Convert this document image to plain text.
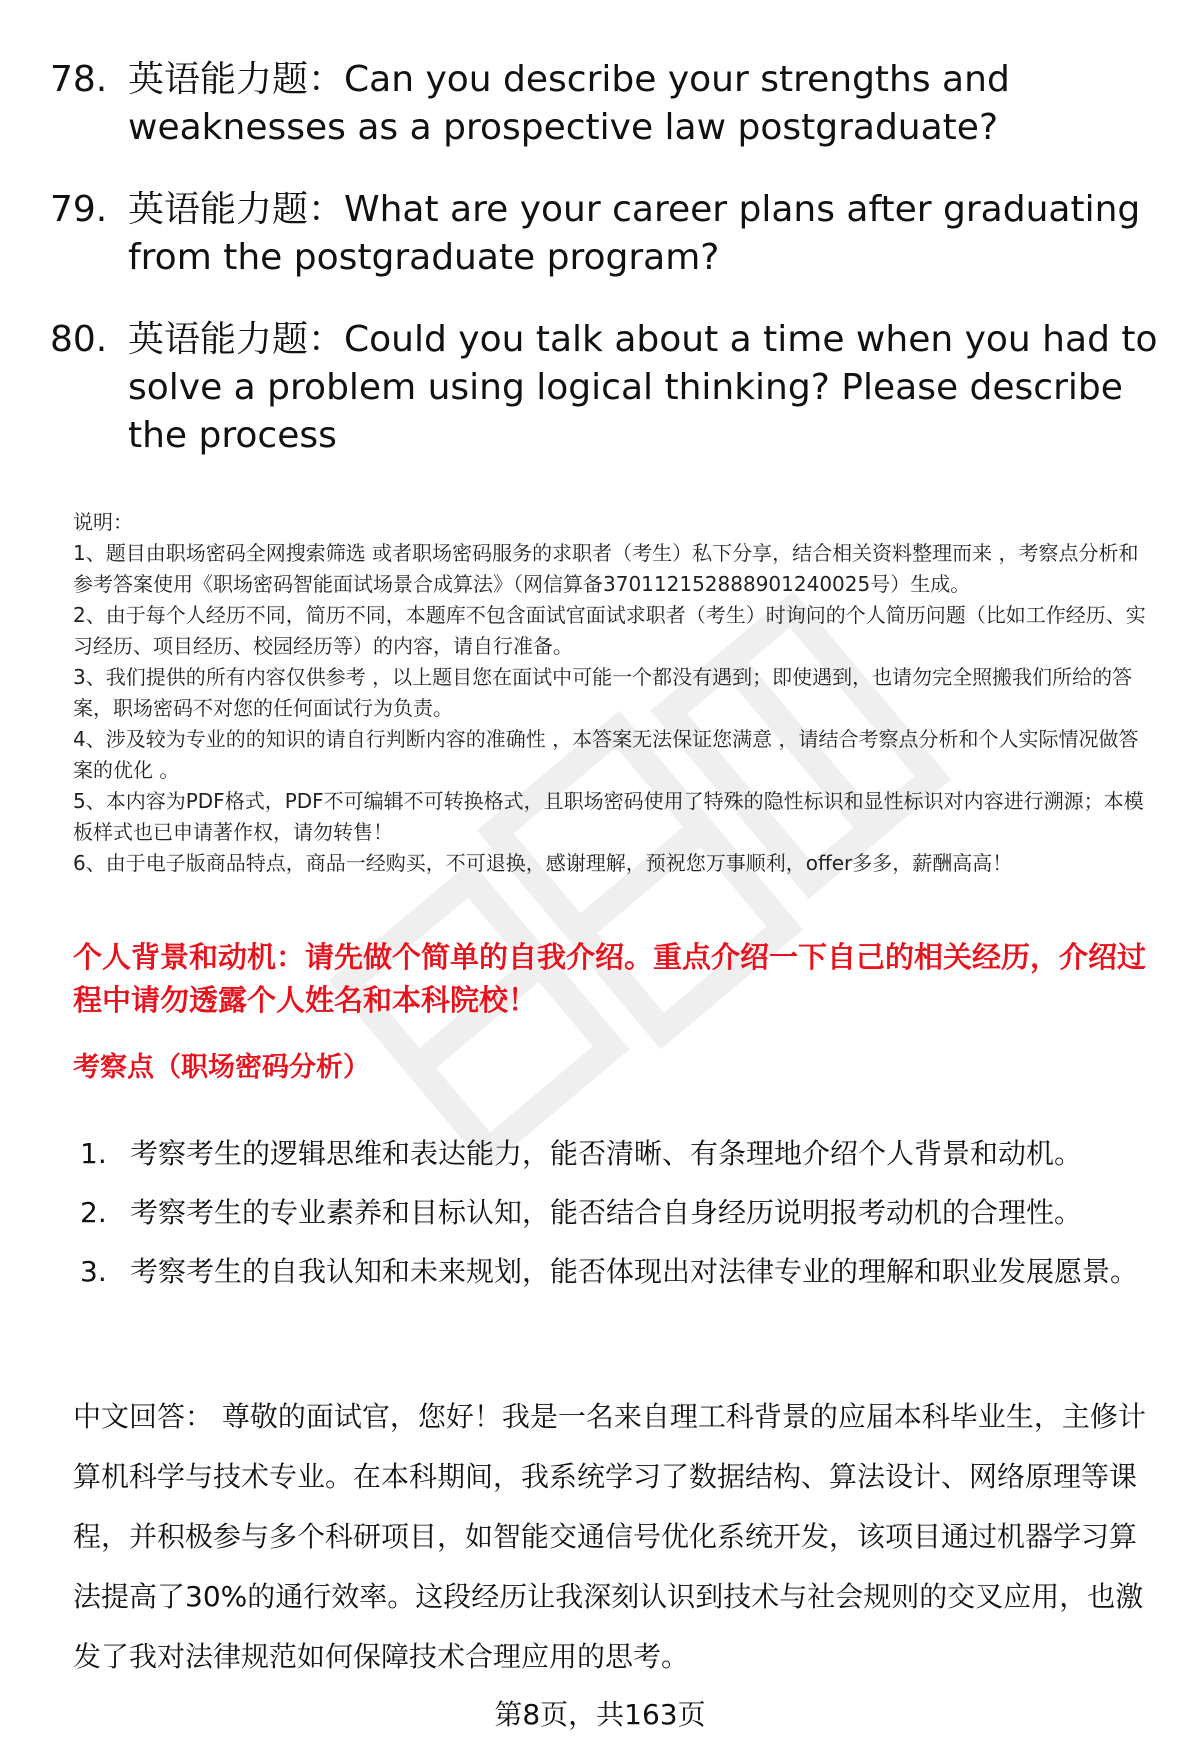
78. 英语能力题：Can you describe your strengths and weaknesses as a prospective law postgraduate?
79. 英语能力题：What are your career plans after graduating from the postgraduate program?
80. 英语能力题：Could you talk about a time when you had to solve a problem using logical thinking? Please describe the process

说明：

1、题目由职场密码全网搜索筛选 或者职场密码服务的求职者（考生）私下分享，结合相关资料整理而来 ，考察点分析和参考答案使用《职场密码智能面试场景合成算法》（网信算备370112152888901240025号）生成。

2、由于每个人经历不同，简历不同，本题库不包含面试官面试求职者（考生）时询问的个人简历问题（比如工作经历、实习经历、项目经历、校园经历等）的内容，请自行准备。

3、我们提供的所有内容仅供参考 ，以上题目您在面试中可能一个都没有遇到；即使遇到，也请勿完全照搬我们所给的答案，职场密码不对您的任何面试行为负责。

4、涉及较为专业的的知识的请自行判断内容的准确性 ，本答案无法保证您满意 ，请结合考察点分析和个人实际情况做答案的优化 。

5、本内容为PDF格式，PDF不可编辑不可转换格式，且职场密码使用了特殊的隐性标识和显性标识对内容进行溯源；本模板样式也已申请著作权，请勿转售！

6、由于电子版商品特点，商品一经购买，不可退换，感谢理解，预祝您万事顺利，offer多多，薪酬高高！

个人背景和动机：请先做个简单的自我介绍。重点介绍一下自己的相关经历，介绍过程中请勿透露个人姓名和本科院校！
考察点（职场密码分析）
1. 考察考生的逻辑思维和表达能力，能否清晰、有条理地介绍个人背景和动机。
2. 考察考生的专业素养和目标认知，能否结合自身经历说明报考动机的合理性。
3. 考察考生的自我认知和未来规划，能否体现出对法律专业的理解和职业发展愿景。

中文回答： 尊敬的面试官，您好！我是一名来自理工科背景的应届本科毕业生，主修计算机科学与技术专业。在本科期间，我系统学习了数据结构、算法设计、网络原理等课程，并积极参与多个科研项目，如智能交通信号优化系统开发，该项目通过机器学习算法提高了30%的通行效率。这段经历让我深刻认识到技术与社会规则的交叉应用，也激发了我对法律规范如何保障技术合理应用的思考。

第8页，共163页
